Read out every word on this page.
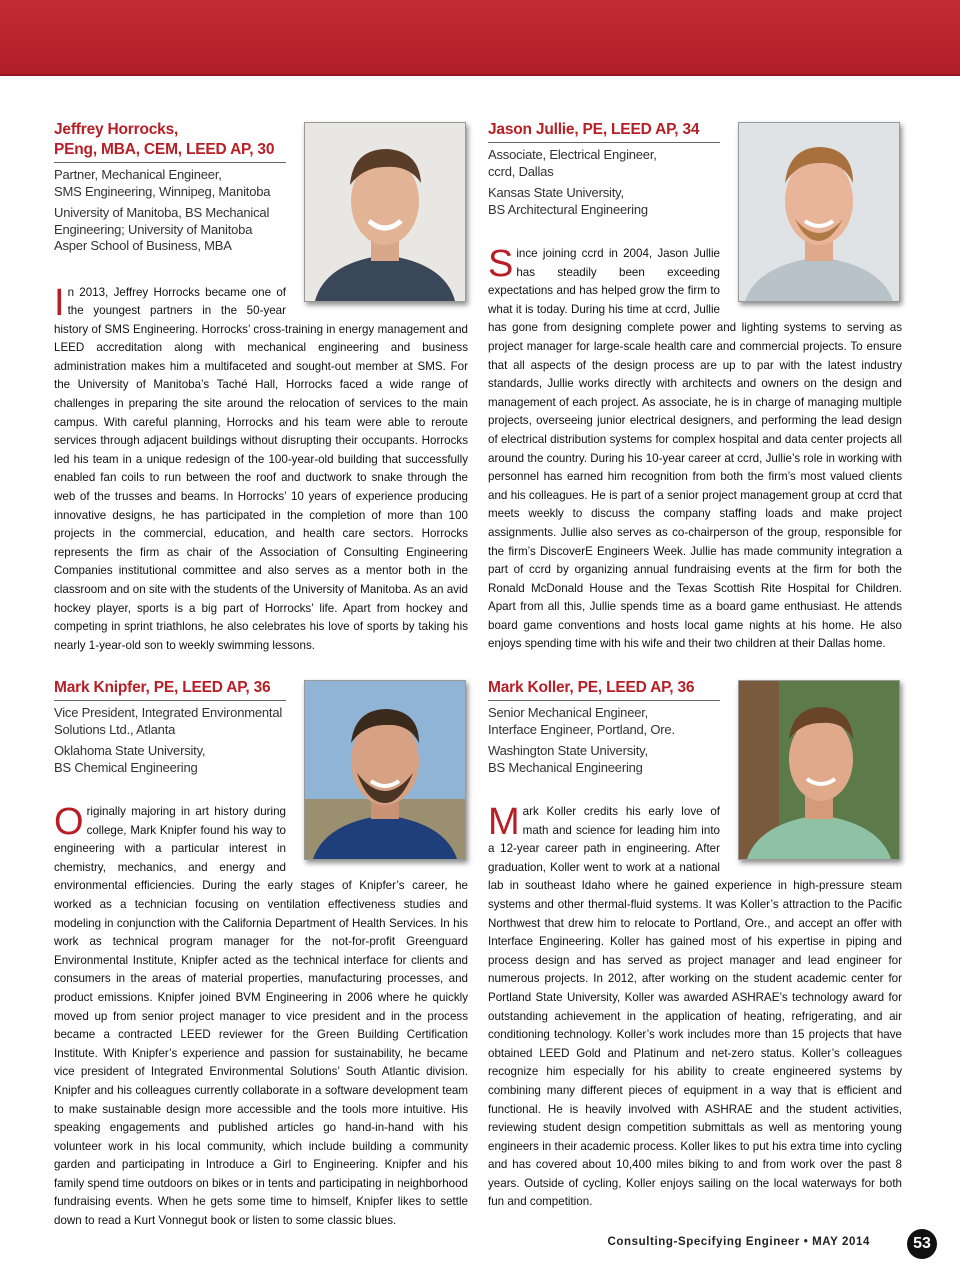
Jeffrey Horrocks,
PEng, MBA, CEM, LEED AP, 30

Partner, Mechanical Engineer,
SMS Engineering, Winnipeg, Manitoba

University of Manitoba, BS Mechanical
Engineering; University of Manitoba
Asper School of Business, MBA

In 2013, Jeffrey Horrocks became one of the youngest partners in the 50-year history of SMS Engineering. Horrocks’ cross-training in energy management and LEED accreditation along with mechanical engineering and business administration makes him a multifaceted and sought-out member at SMS. For the University of Manitoba’s Taché Hall, Horrocks faced a wide range of challenges in preparing the site around the relocation of services to the main campus. With careful planning, Horrocks and his team were able to reroute services through adjacent buildings without disrupting their occupants. Horrocks led his team in a unique redesign of the 100-year-old building that successfully enabled fan coils to run between the roof and ductwork to snake through the web of the trusses and beams. In Horrocks’ 10 years of experience producing innovative designs, he has participated in the completion of more than 100 projects in the commercial, education, and health care sectors. Horrocks represents the firm as chair of the Association of Consulting Engineering Companies institutional committee and also serves as a mentor both in the classroom and on site with the students of the University of Manitoba. As an avid hockey player, sports is a big part of Horrocks’ life. Apart from hockey and competing in sprint triathlons, he also celebrates his love of sports by taking his nearly 1-year-old son to weekly swimming lessons.

Jason Jullie, PE, LEED AP, 34

Associate, Electrical Engineer,
ccrd, Dallas

Kansas State University,
BS Architectural Engineering

Since joining ccrd in 2004, Jason Jullie has steadily been exceeding expectations and has helped grow the firm to what it is today. During his time at ccrd, Jullie has gone from designing complete power and lighting systems to serving as project manager for large-scale health care and commercial projects. To ensure that all aspects of the design process are up to par with the latest industry standards, Jullie works directly with architects and owners on the design and management of each project. As associate, he is in charge of managing multiple projects, overseeing junior electrical designers, and performing the lead design of electrical distribution systems for complex hospital and data center projects all around the country. During his 10-year career at ccrd, Jullie’s role in working with personnel has earned him recognition from both the firm’s most valued clients and his colleagues. He is part of a senior project management group at ccrd that meets weekly to discuss the company staffing loads and make project assignments. Jullie also serves as co-chairperson of the group, responsible for the firm’s DiscoverE Engineers Week. Jullie has made community integration a part of ccrd by organizing annual fundraising events at the firm for both the Ronald McDonald House and the Texas Scottish Rite Hospital for Children. Apart from all this, Jullie spends time as a board game enthusiast. He attends board game conventions and hosts local game nights at his home. He also enjoys spending time with his wife and their two children at their Dallas home.

Mark Knipfer, PE, LEED AP, 36

Vice President, Integrated Environmental
Solutions Ltd., Atlanta

Oklahoma State University,
BS Chemical Engineering

Originally majoring in art history during college, Mark Knipfer found his way to engineering with a particular interest in chemistry, mechanics, and energy and environmental efficiencies. During the early stages of Knipfer’s career, he worked as a technician focusing on ventilation effectiveness studies and modeling in conjunction with the California Department of Health Services. In his work as technical program manager for the not-for-profit Greenguard Environmental Institute, Knipfer acted as the technical interface for clients and consumers in the areas of material properties, manufacturing processes, and product emissions. Knipfer joined BVM Engineering in 2006 where he quickly moved up from senior project manager to vice president and in the process became a contracted LEED reviewer for the Green Building Certification Institute. With Knipfer’s experience and passion for sustainability, he became vice president of Integrated Environmental Solutions’ South Atlantic division. Knipfer and his colleagues currently collaborate in a software development team to make sustainable design more accessible and the tools more intuitive. His speaking engagements and published articles go hand-in-hand with his volunteer work in his local community, which include building a community garden and participating in Introduce a Girl to Engineering. Knipfer and his family spend time outdoors on bikes or in tents and participating in neighborhood fundraising events. When he gets some time to himself, Knipfer likes to settle down to read a Kurt Vonnegut book or listen to some classic blues.

Mark Koller, PE, LEED AP, 36

Senior Mechanical Engineer,
Interface Engineer, Portland, Ore.

Washington State University,
BS Mechanical Engineering

Mark Koller credits his early love of math and science for leading him into a 12-year career path in engineering. After graduation, Koller went to work at a national lab in southeast Idaho where he gained experience in high-pressure steam systems and other thermal-fluid systems. It was Koller’s attraction to the Pacific Northwest that drew him to relocate to Portland, Ore., and accept an offer with Interface Engineering. Koller has gained most of his expertise in piping and process design and has served as project manager and lead engineer for numerous projects. In 2012, after working on the student academic center for Portland State University, Koller was awarded ASHRAE’s technology award for outstanding achievement in the application of heating, refrigerating, and air conditioning technology. Koller’s work includes more than 15 projects that have obtained LEED Gold and Platinum and net-zero status. Koller’s colleagues recognize him especially for his ability to create engineered systems by combining many different pieces of equipment in a way that is efficient and functional. He is heavily involved with ASHRAE and the student activities, reviewing student design competition submittals as well as mentoring young engineers in their academic process. Koller likes to put his extra time into cycling and has covered about 10,400 miles biking to and from work over the past 8 years. Outside of cycling, Koller enjoys sailing on the local waterways for both fun and competition.

Consulting-Specifying Engineer • MAY 2014	53
